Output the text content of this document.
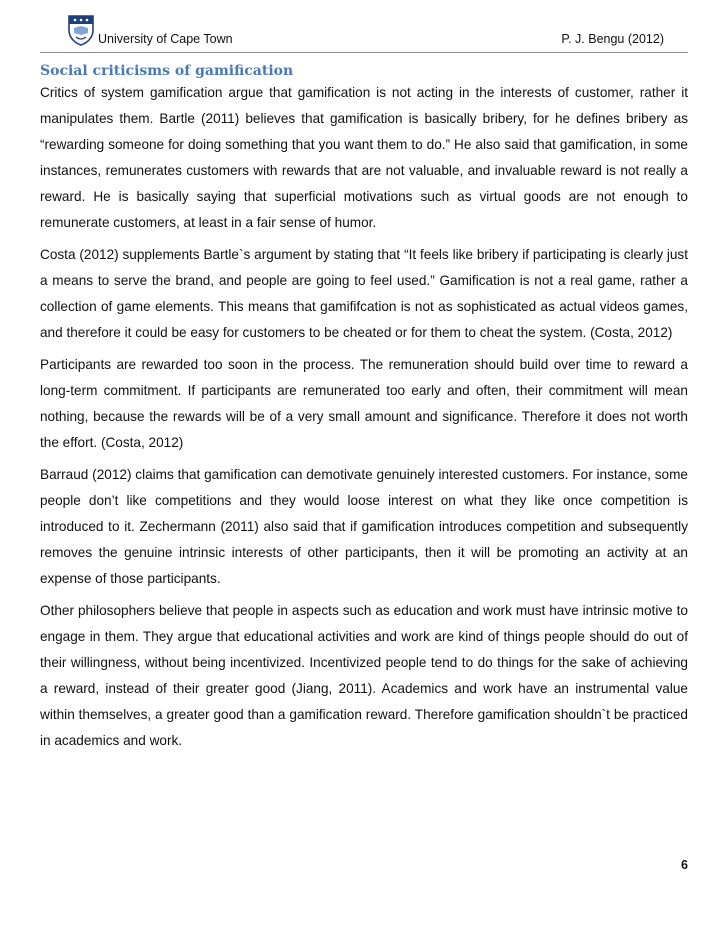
University of Cape Town	P. J. Bengu (2012)
Social criticisms of gamification

Critics of system gamification argue that gamification is not acting in the interests of customer, rather it manipulates them. Bartle (2011) believes that gamification is basically bribery, for he defines bribery as “rewarding someone for doing something that you want them to do.” He also said that gamification, in some instances, remunerates customers with rewards that are not valuable, and invaluable reward is not really a reward. He is basically saying that superficial motivations such as virtual goods are not enough to remunerate customers, at least in a fair sense of humor.

Costa (2012) supplements Bartle`s argument by stating that “It feels like bribery if participating is clearly just a means to serve the brand, and people are going to feel used.” Gamification is not a real game, rather a collection of game elements. This means that gamififcation is not as sophisticated as actual videos games, and therefore it could be easy for customers to be cheated or for them to cheat the system. (Costa, 2012)

Participants are rewarded too soon in the process. The remuneration should build over time to reward a long-term commitment. If participants are remunerated too early and often, their commitment will mean nothing, because the rewards will be of a very small amount and significance. Therefore it does not worth the effort. (Costa, 2012)

Barraud (2012) claims that gamification can demotivate genuinely interested customers. For instance, some people don’t like competitions and they would loose interest on what they like once competition is introduced to it. Zechermann (2011) also said that if gamification introduces competition and subsequently removes the genuine intrinsic interests of other participants, then it will be promoting an activity at an expense of those participants.

Other philosophers believe that people in aspects such as education and work must have intrinsic motive to engage in them. They argue that educational activities and work are kind of things people should do out of their willingness, without being incentivized. Incentivized people tend to do things for the sake of achieving a reward, instead of their greater good (Jiang, 2011). Academics and work have an instrumental value within themselves, a greater good than a gamification reward. Therefore gamification shouldn`t be practiced in academics and work.

6
